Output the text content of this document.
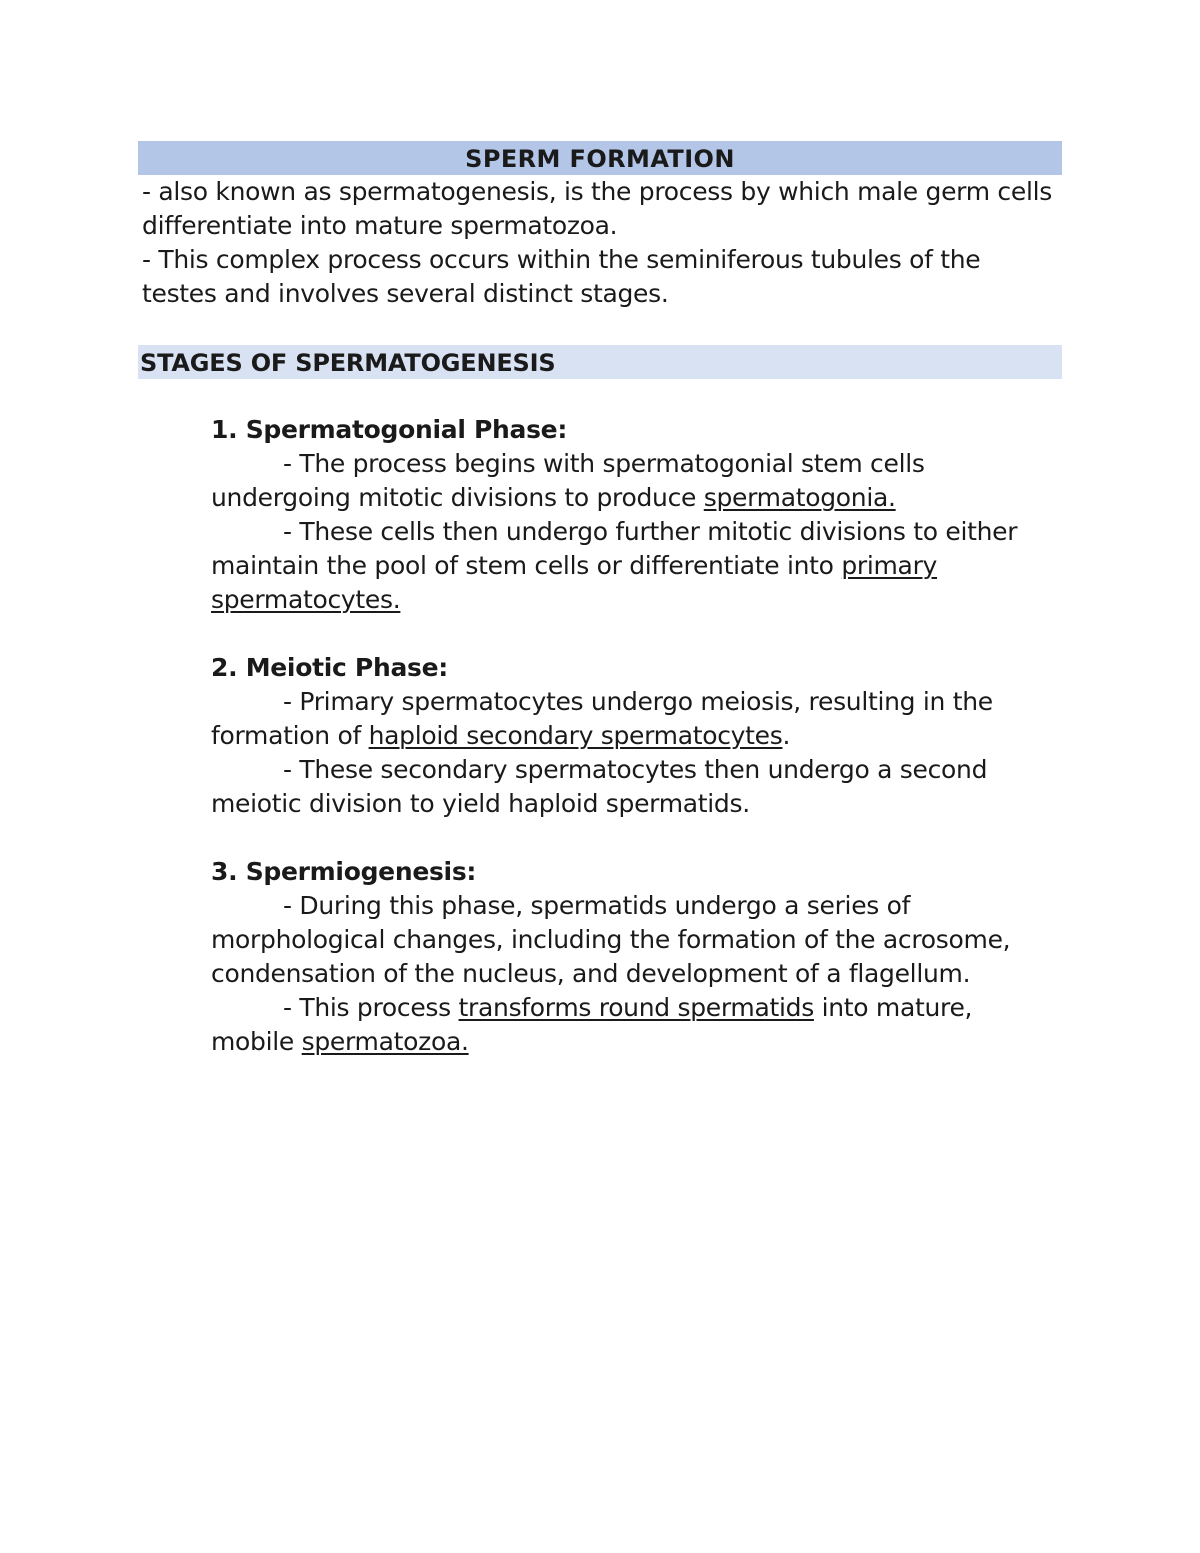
SPERM FORMATION

- also known as spermatogenesis, is the process by which male germ cells differentiate into mature spermatozoa.

- This complex process occurs within the seminiferous tubules of the testes and involves several distinct stages.

STAGES OF SPERMATOGENESIS

1. Spermatogonial Phase:

- The process begins with spermatogonial stem cells undergoing mitotic divisions to produce spermatogonia.

- These cells then undergo further mitotic divisions to either maintain the pool of stem cells or differentiate into primary spermatocytes.

2. Meiotic Phase:

- Primary spermatocytes undergo meiosis, resulting in the formation of haploid secondary spermatocytes.

- These secondary spermatocytes then undergo a second meiotic division to yield haploid spermatids.

3. Spermiogenesis:

- During this phase, spermatids undergo a series of morphological changes, including the formation of the acrosome, condensation of the nucleus, and development of a flagellum.

- This process transforms round spermatids into mature, mobile spermatozoa.
